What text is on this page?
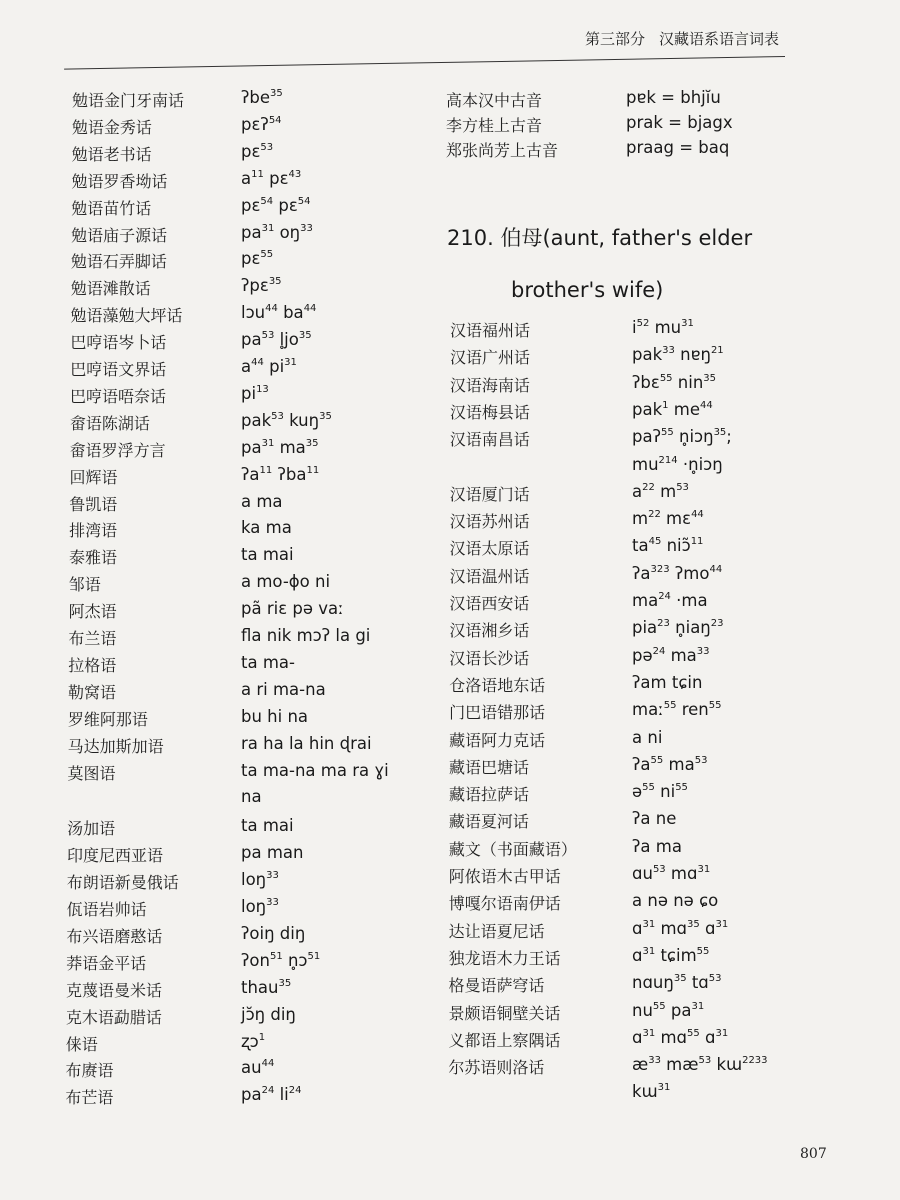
第三部分 汉藏语系语言词表
210. 伯母(aunt, father's elder
brother's wife)
807
勉语金门牙南话	ʔbe$^{35}$
勉语金秀话	pɛʔ$^{54}$
勉语老书话	pɛ$^{53}$
勉语罗香坳话	$a^{11}$ pɛ$^{43}$
勉语苗竹话	pɛ$^{54}$ pɛ$^{54}$
勉语庙子源话	$pa^{31}$ $oŋ^{33}$
勉语石弄脚话	pɛ$^{55}$
勉语滩散话	ʔpɛ$^{35}$
勉语藻勉大坪话	lɔu$^{44}$ $ba^{44}$
巴哼语岑卜话	$pa^{53}$ $l̥jo^{35}$
巴哼语文界话	$a^{44}$ $pi^{31}$
巴哼语唔奈话	$pi^{13}$
畲语陈湖话	pak$^{53}$ kuŋ$^{35}$
畲语罗浮方言	$pa^{31}$ $ma^{35}$
回辉语	ʔa$^{11}$ ʔba$^{11}$
鲁凯语	a ma
排湾语	ka ma
泰雅语	ta mai
邹语	a mo-ɸo ni
阿杰语	pã riɛ pə vaː
布兰语	fla nik mɔʔ la gi
拉格语	ta ma-
勒窝语	a ri ma-na
罗维阿那语	bu hi na
马达加斯加语	ra ha la hin ɖrai
莫图语	ta ma-na ma ra ɣi
na
汤加语	ta mai
印度尼西亚语	pa man
布朗语新曼俄话	loŋ$^{33}$
佤语岩帅话	loŋ$^{33}$
布兴语磨憨话	ʔoiŋ diŋ
莽语金平话	ʔon$^{51}$ n̥ɔ$^{51}$
克蔑语曼米话	thau$^{35}$
克木语勐腊话	jɔ̆ŋ diŋ
俫语	ʐɔ$^1$
布赓语	$au^{44}$
布芒语	$pa^{24}$ $li^{24}$
高本汉中古音	pɐk = bhjĭu
李方桂上古音	prak = bjagx
郑张尚芳上古音	praag = baq
汉语福州话	$i^{52}$ $mu^{31}$
汉语广州话	pak$^{33}$ nɐŋ$^{21}$
汉语海南话	ʔbɛ$^{55}$ nin$^{35}$
汉语梅县话	pak$^1$ $me^{44}$
汉语南昌话	paʔ$^{55}$ n̥iɔŋ$^{35}$;
$mu^{214}$ ·n̥iɔŋ
汉语厦门话	$a^{22}$ $m^{53}$
汉语苏州话	$m^{22}$ mɛ$^{44}$
汉语太原话	$ta^{45}$ niɔ̃$^{11}$
汉语温州话	ʔa$^{323}$ ʔmo$^{44}$
汉语西安话	$ma^{24} \cdot ma$
汉语湘乡话	pia$^{23}$ n̥iaŋ$^{23}$
汉语长沙话	pə$^{24}$ $ma^{33}$
仓洛语地东话	ʔam tɕin
门巴语错那话	maː$^{55}$ ren$^{55}$
藏语阿力克话	a ni
藏语巴塘话	ʔa$^{55}$ $ma^{53}$
藏语拉萨话	ə$^{55}$ $ni^{55}$
藏语夏河话	ʔa ne
藏文（书面藏语）	ʔa ma
阿侬语木古甲话	ɑu$^{53}$ mɑ$^{31}$
博嘎尔语南伊话	a nə nə ɕo
达让语夏尼话	ɑ$^{31}$ mɑ$^{35}$ ɑ$^{31}$
独龙语木力王话	ɑ$^{31}$ tɕim$^{55}$
格曼语萨穹话	nɑuŋ$^{35}$ tɑ$^{53}$
景颇语铜壁关话	$nu^{55}$ $pa^{31}$
义都语上察隅话	ɑ$^{31}$ mɑ$^{55}$ ɑ$^{31}$
尔苏语则洛话	$æ^{33}$ $mæ^{53}$ kɯ$^{2233}$
kɯ$^{31}$
